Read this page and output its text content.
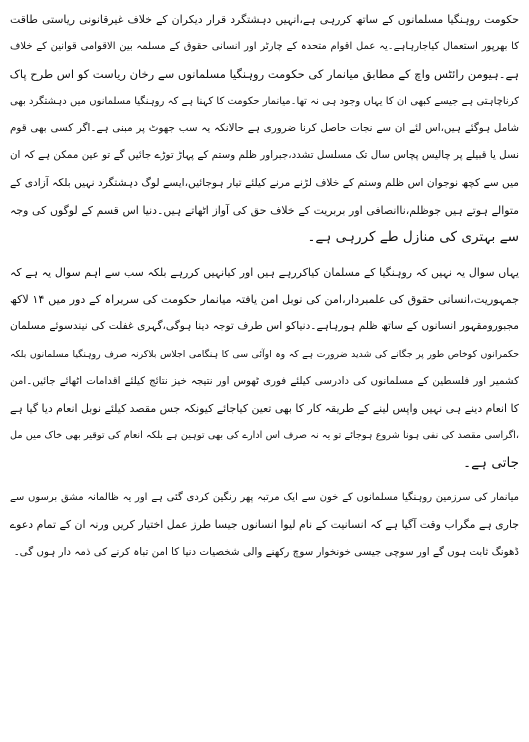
حکومت روہنگیا مسلمانوں کے ساتھ کررہی ہے،انہیں دہشتگرد قرار دیکران کے خلاف غیرقانونی ریاستی طاقت
کا بھرپور استعمال کیاجارہاہے۔یہ عمل اقوام متحدہ کے چارٹر اور انسانی حقوق کے مسلمہ بین الاقوامی قوانین کے خلاف
ہے۔ہیومن رائٹس واچ کے مطابق میانمار کی حکومت روہنگیا مسلمانوں سے رخان ریاست کو اس طرح پاک
کرناچاہتی ہے جیسے کبھی ان کا یہاں وجود ہی نہ تھا۔میانمار حکومت کا کہنا ہے کہ روہنگیا مسلمانوں میں دہشتگرد بھی
شامل ہوگئے ہیں،اس لئے ان سے نجات حاصل کرنا ضروری ہے حالانکہ یہ سب جھوٹ پر مبنی ہے۔اگر کسی بھی قوم
نسل یا قبیلے پر چالیس پچاس سال تک مسلسل تشدد،جبراور ظلم وستم کے پہاڑ توڑے جائیں گے تو عین ممکن ہے کہ ان
میں سے کچھ نوجوان اس ظلم وستم کے خلاف لڑنے مرنے کیلئے تیار ہوجائیں،ایسے لوگ دہشتگرد نہیں بلکہ آزادی کے
متوالے ہوتے ہیں جوظلم،ناانصافی اور بربریت کے خلاف حق کی آواز اٹھاتے ہیں۔دنیا اس قسم کے لوگوں کی وجہ
سے بہتری کی منازل طے کررہی ہے۔
یہاں سوال یہ نہیں کہ روہنگیا کے مسلمان کیاکررہے ہیں اور کیانہیں کررہے بلکہ سب سے اہم سوال یہ ہے کہ
جمہوریت،انسانی حقوق کی علمبردار،امن کی نوبل امن یافتہ میانمار حکومت کی سربراہ کے دور میں ۱۴ لاکھ
مجبورومقہور انسانوں کے ساتھ ظلم ہورہاہے۔دنیاکو اس طرف توجہ دینا ہوگی،گہری غفلت کی نیندسوئے مسلمان
حکمرانوں کوخاص طور پر جگانے کی شدید ضرورت ہے کہ وہ اوآئی سی کا ہنگامی اجلاس بلاکرنہ صرف روہنگیا مسلمانوں بلکہ
کشمیر اور فلسطین کے مسلمانوں کی دادرسی کیلئے فوری ٹھوس اور نتیجہ خیز نتائج کیلئے اقدامات اٹھائے جائیں۔امن
کا انعام دینے ہی نہیں واپس لینے کے طریقہ کار کا بھی تعین کیاجائے کیونکہ جس مقصد کیلئے نوبل انعام دیا گیا ہے
،اگراسی مقصد کی نفی ہونا شروع ہوجائے تو یہ نہ صرف اس ادارے کی بھی توہین ہے بلکہ انعام کی توقیر بھی خاک میں مل
جاتی ہے۔
میانمار کی سرزمین روہنگیا مسلمانوں کے خون سے ایک مرتبہ پھر رنگین کردی گئی ہے اور یہ ظالمانہ مشق برسوں سے
جاری ہے مگراب وقت آگیا ہے کہ انسانیت کے نام لیوا انسانوں جیسا طرز عمل اختیار کریں ورنہ ان کے تمام دعوے
ڈھونگ ثابت ہوں گے اور سوچی جیسی خونخوار سوچ رکھنے والی شخصیات دنیا کا امن تباہ کرنے کی ذمہ دار ہوں گی۔
